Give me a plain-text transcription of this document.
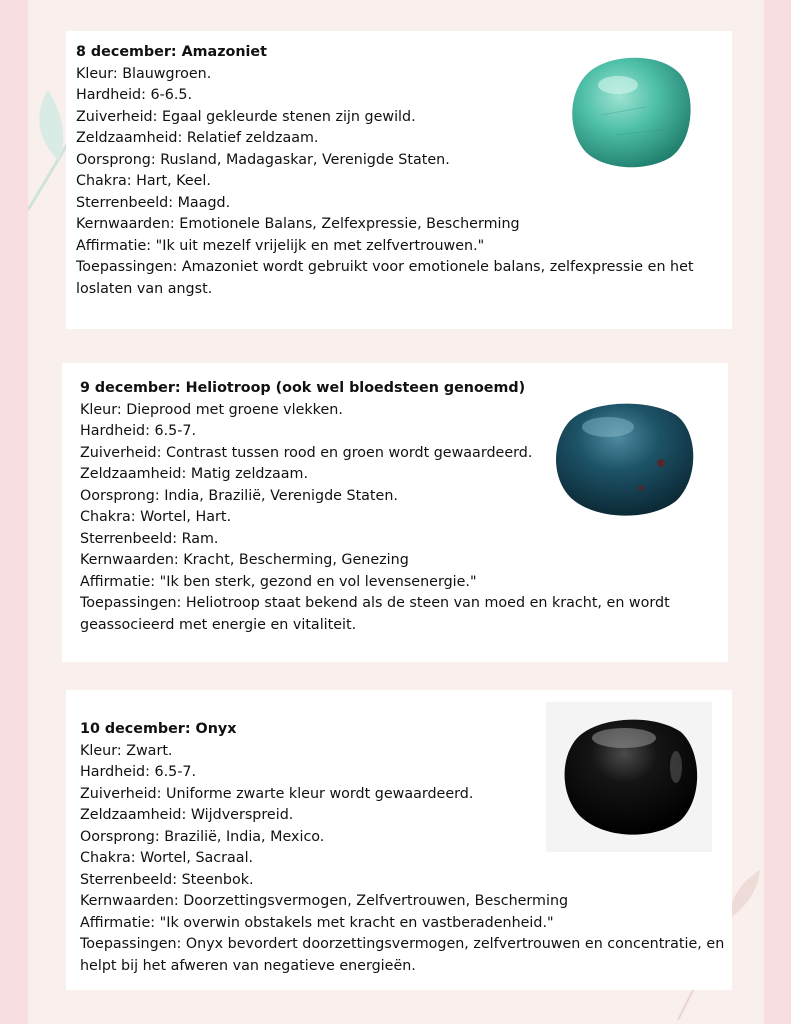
8 december: Amazoniet
Kleur: Blauwgroen.
Hardheid: 6-6.5.
Zuiverheid: Egaal gekleurde stenen zijn gewild.
Zeldzaamheid: Relatief zeldzaam.
Oorsprong: Rusland, Madagaskar, Verenigde Staten.
Chakra: Hart, Keel.
Sterrenbeeld: Maagd.
Kernwaarden: Emotionele Balans, Zelfexpressie, Bescherming
Affirmatie: "Ik uit mezelf vrijelijk en met zelfvertrouwen."
Toepassingen: Amazoniet wordt gebruikt voor emotionele balans, zelfexpressie en het loslaten van angst.
9 december: Heliotroop (ook wel bloedsteen genoemd)
Kleur: Dieprood met groene vlekken.
Hardheid: 6.5-7.
Zuiverheid: Contrast tussen rood en groen wordt gewaardeerd.
Zeldzaamheid: Matig zeldzaam.
Oorsprong: India, Brazilië, Verenigde Staten.
Chakra: Wortel, Hart.
Sterrenbeeld: Ram.
Kernwaarden: Kracht, Bescherming, Genezing
Affirmatie: "Ik ben sterk, gezond en vol levensenergie."
Toepassingen: Heliotroop staat bekend als de steen van moed en kracht, en wordt geassocieerd met energie en vitaliteit.
10 december: Onyx
Kleur: Zwart.
Hardheid: 6.5-7.
Zuiverheid: Uniforme zwarte kleur wordt gewaardeerd.
Zeldzaamheid: Wijdverspreid.
Oorsprong: Brazilië, India, Mexico.
Chakra: Wortel, Sacraal.
Sterrenbeeld: Steenbok.
Kernwaarden: Doorzettingsvermogen, Zelfvertrouwen, Bescherming
Affirmatie: "Ik overwin obstakels met kracht en vastberadenheid."
Toepassingen: Onyx bevordert doorzettingsvermogen, zelfvertrouwen en concentratie, en helpt bij het afweren van negatieve energieën.
